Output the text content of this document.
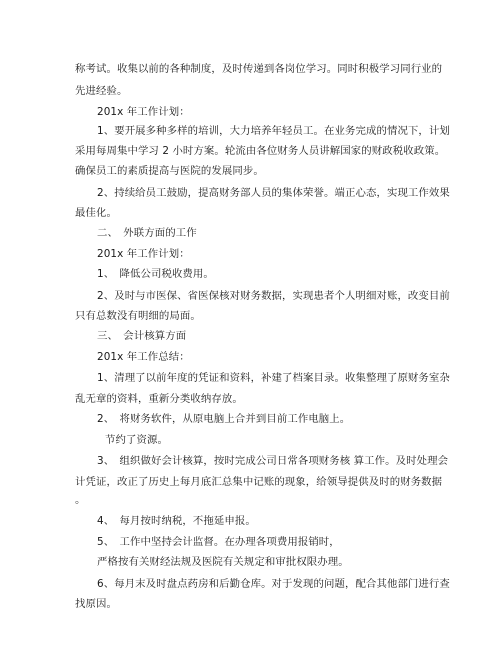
称考试。收集以前的各种制度，及时传递到各岗位学习。同时积极学习同行业的
先进经验。
201x 年工作计划：
1、要开展多种多样的培训，大力培养年轻员工。在业务完成的情况下，计划
采用每周集中学习 2 小时方案。轮流由各位财务人员讲解国家的财政税收政策。
确保员工的素质提高与医院的发展同步。
2、持续给员工鼓励，提高财务部人员的集体荣誉。端正心态，实现工作效果
最佳化。
二、　外联方面的工作
201x 年工作计划：
1、　降低公司税收费用。
2、及时与市医保、省医保核对财务数据，实现患者个人明细对账，改变目前
只有总数没有明细的局面。
三、　会计核算方面
201x 年工作总结：
1、清理了以前年度的凭证和资料，补建了档案目录。收集整理了原财务室杂
乱无章的资料，重新分类收纳存放。
2、　将财务软件，从原电脑上合并到目前工作电脑上。
节约了资源。
3、　组织做好会计核算，按时完成公司日常各项财务核 算工作。及时处理会
计凭证，改正了历史上每月底汇总集中记账的现象，给领导提供及时的财务数据
。
4、　每月按时纳税，不拖延申报。
5、　工作中坚持会计监督。在办理各项费用报销时，
严格按有关财经法规及医院有关规定和审批权限办理。
6、每月末及时盘点药房和后勤仓库。对于发现的问题，配合其他部门进行查
找原因。
